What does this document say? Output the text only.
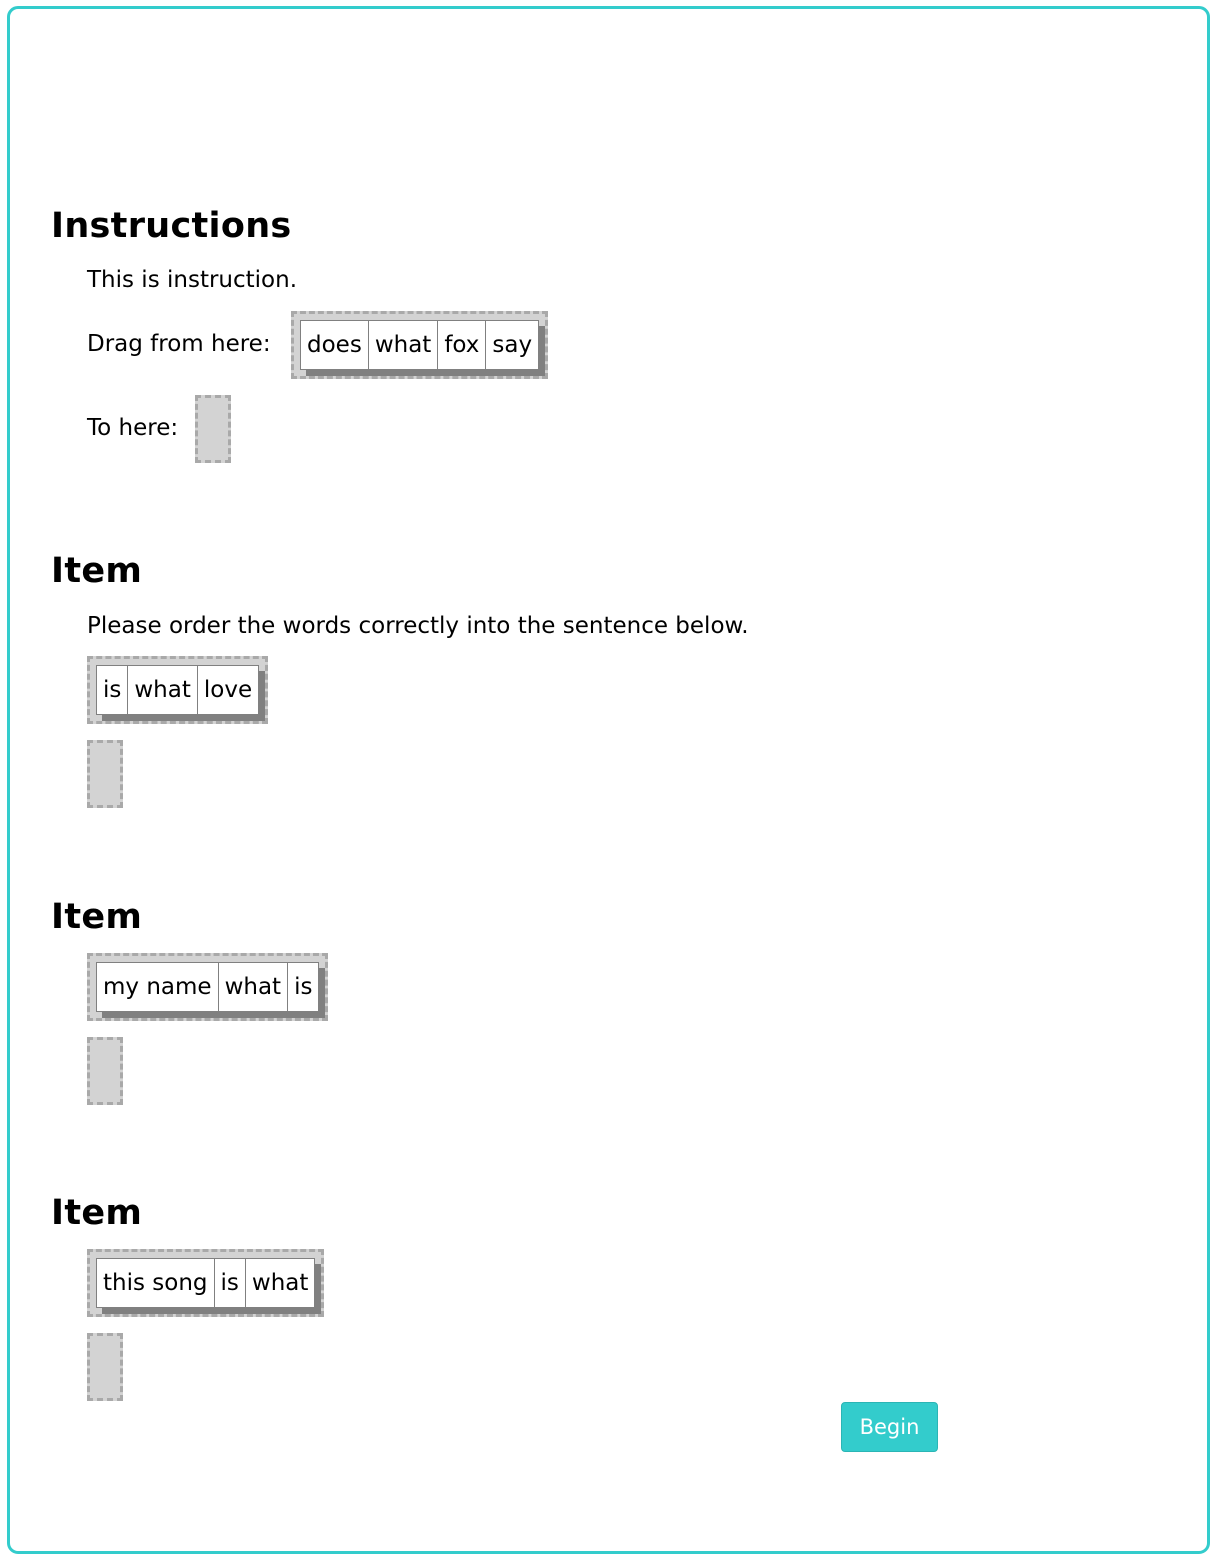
Instructions

This is instruction.

Drag from here:	does what fox say

To here:

Item

Please order the words correctly into the sentence below.

is what love
Item
my name what is
Item
this song is what
Begin
